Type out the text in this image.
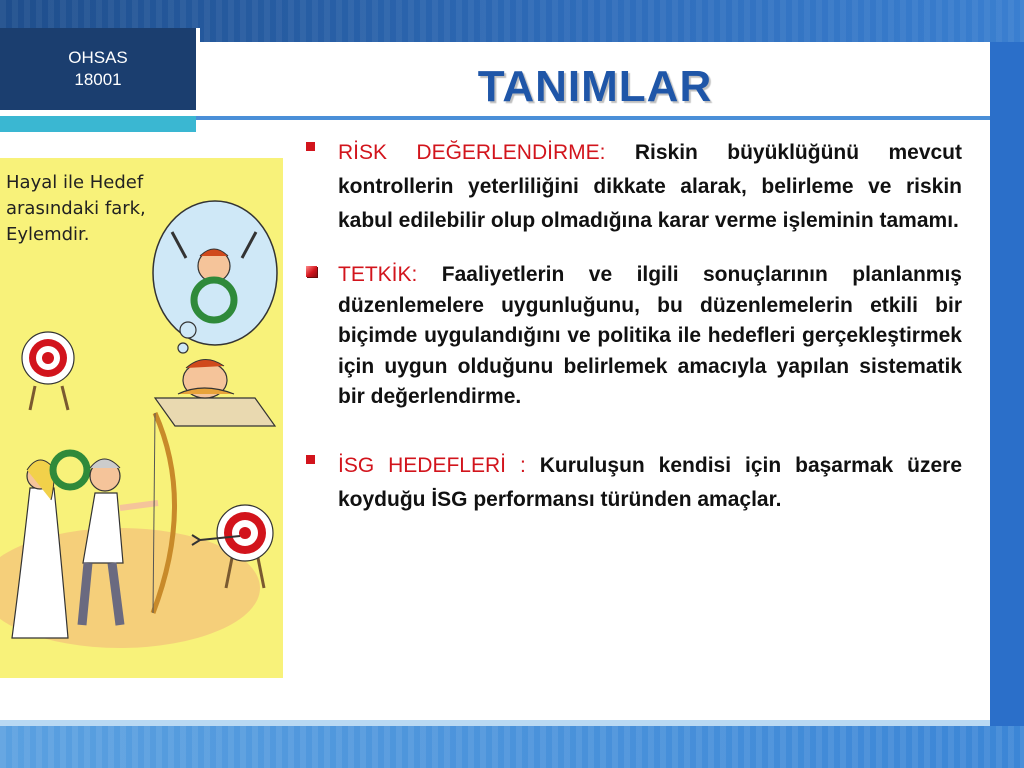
OHSAS
18001	TANIMLAR
Hayal ile Hedef
arasındaki fark,
Eylemdir.
RİSK DEĞERLENDİRME: Riskin büyüklüğünü mevcut kontrollerin yeterliliğini dikkate alarak, belirleme ve riskin kabul edilebilir olup olmadığına karar verme işleminin tamamı.
TETKİK: Faaliyetlerin ve ilgili sonuçlarının planlanmış düzenlemelere uygunluğunu, bu düzenlemelerin etkili bir biçimde uygulandığını ve politika ile hedefleri gerçekleştirmek için uygun olduğunu belirlemek amacıyla yapılan sistematik bir değerlendirme.
İSG HEDEFLERİ : Kuruluşun kendisi için başarmak üzere koyduğu İSG performansı türünden amaçlar.
